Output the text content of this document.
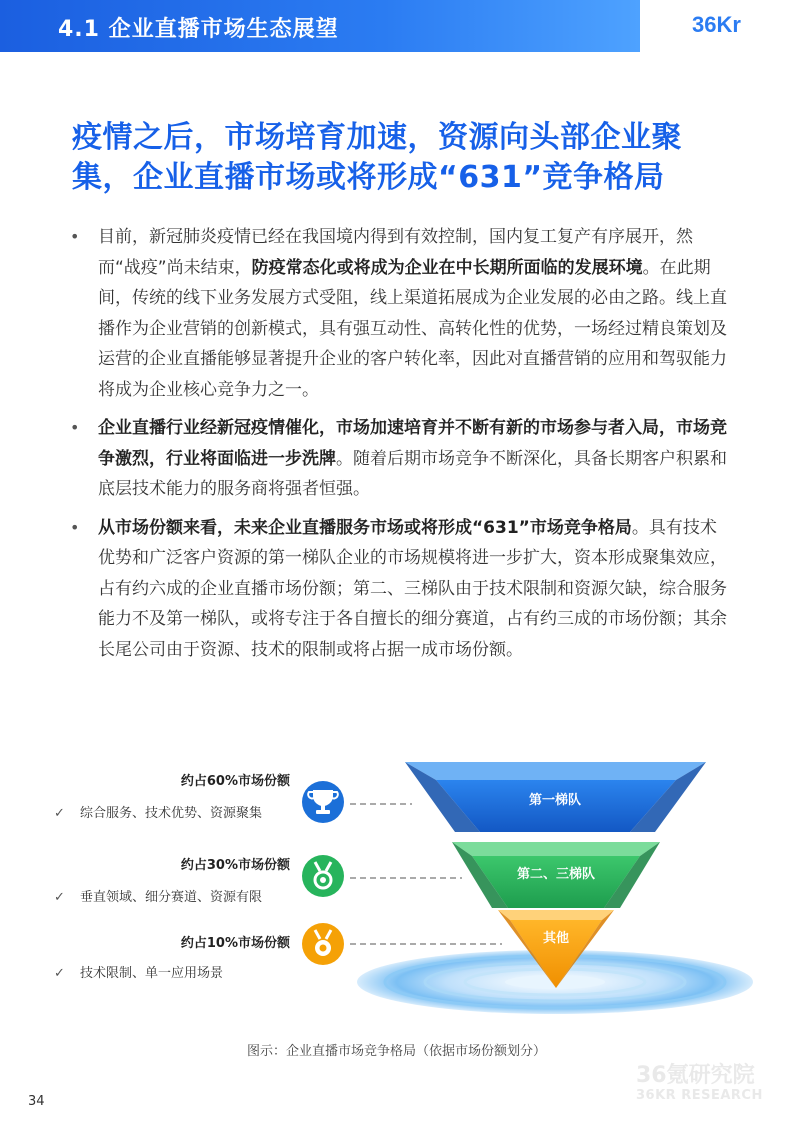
4.1 企业直播市场生态展望	36Kr
疫情之后，市场培育加速，资源向头部企业聚
集，企业直播市场或将形成“631”竞争格局
• 目前，新冠肺炎疫情已经在我国境内得到有效控制，国内复工复产有序展开，然而“战疫”尚未结束，防疫常态化或将成为企业在中长期所面临的发展环境。在此期间，传统的线下业务发展方式受阻，线上渠道拓展成为企业发展的必由之路。线上直播作为企业营销的创新模式，具有强互动性、高转化性的优势，一场经过精良策划及运营的企业直播能够显著提升企业的客户转化率，因此对直播营销的应用和驾驭能力将成为企业核心竞争力之一。
• 企业直播行业经新冠疫情催化，市场加速培育并不断有新的市场参与者入局，市场竞争激烈，行业将面临进一步洗牌。随着后期市场竞争不断深化，具备长期客户积累和底层技术能力的服务商将强者恒强。
• 从市场份额来看，未来企业直播服务市场或将形成“631”市场竞争格局。具有技术优势和广泛客户资源的第一梯队企业的市场规模将进一步扩大，资本形成聚集效应，占有约六成的企业直播市场份额；第二、三梯队由于技术限制和资源欠缺，综合服务能力不及第一梯队，或将专注于各自擅长的细分赛道，占有约三成的市场份额；其余长尾公司由于资源、技术的限制或将占据一成市场份额。
约占60%市场份额
✓ 综合服务、技术优势、资源聚集
约占30%市场份额
✓ 垂直领域、细分赛道、资源有限
约占10%市场份额
✓ 技术限制、单一应用场景
第一梯队
第二、三梯队
其他
图示：企业直播市场竞争格局（依据市场份额划分）
36氪研究院
36KR RESEARCH
34
